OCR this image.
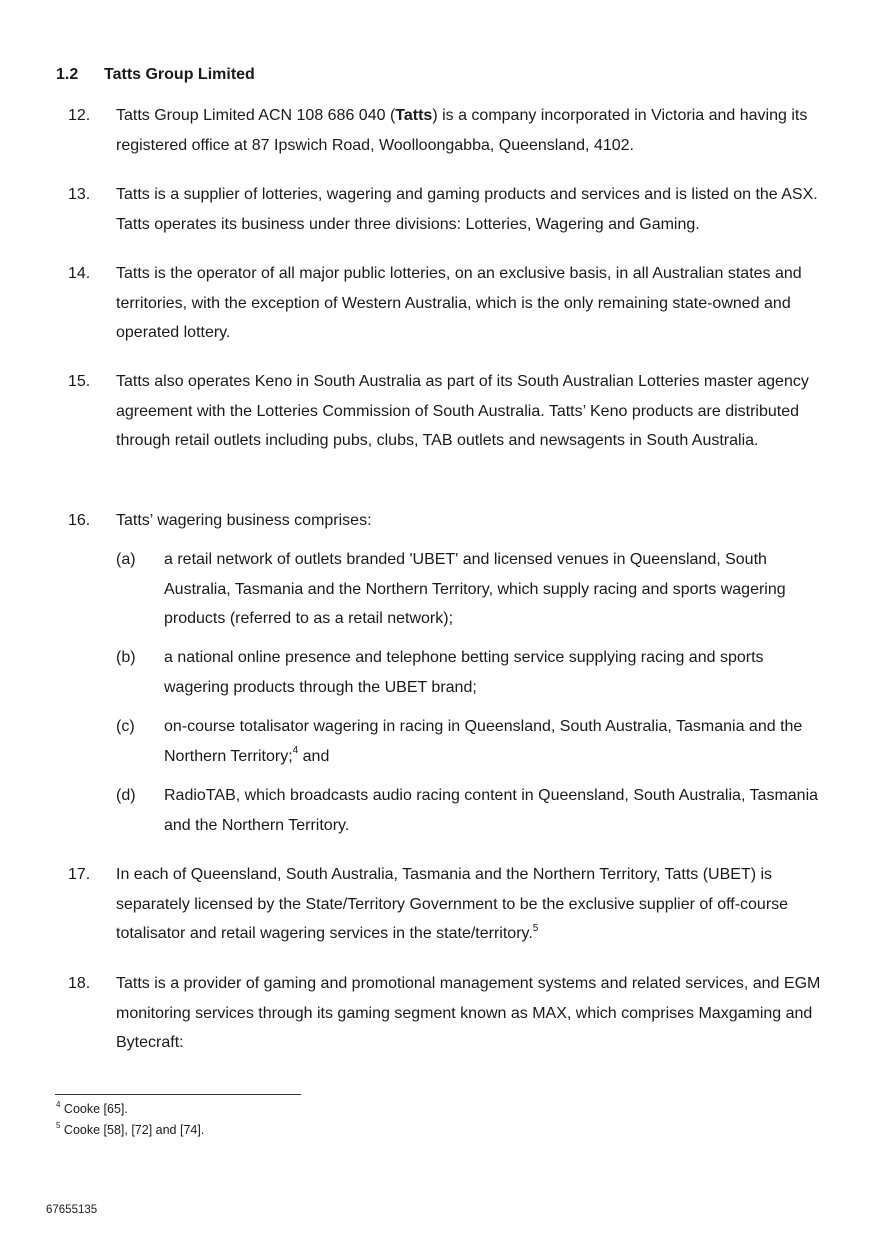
1.2 Tatts Group Limited
12. Tatts Group Limited ACN 108 686 040 (Tatts) is a company incorporated in Victoria and having its registered office at 87 Ipswich Road, Woolloongabba, Queensland, 4102.
13. Tatts is a supplier of lotteries, wagering and gaming products and services and is listed on the ASX. Tatts operates its business under three divisions: Lotteries, Wagering and Gaming.
14. Tatts is the operator of all major public lotteries, on an exclusive basis, in all Australian states and territories, with the exception of Western Australia, which is the only remaining state-owned and operated lottery.
15. Tatts also operates Keno in South Australia as part of its South Australian Lotteries master agency agreement with the Lotteries Commission of South Australia. Tatts’ Keno products are distributed through retail outlets including pubs, clubs, TAB outlets and newsagents in South Australia.
16. Tatts’ wagering business comprises:
(a) a retail network of outlets branded 'UBET' and licensed venues in Queensland, South Australia, Tasmania and the Northern Territory, which supply racing and sports wagering products (referred to as a retail network);
(b) a national online presence and telephone betting service supplying racing and sports wagering products through the UBET brand;
(c) on-course totalisator wagering in racing in Queensland, South Australia, Tasmania and the Northern Territory;$^4$ and
(d) RadioTAB, which broadcasts audio racing content in Queensland, South Australia, Tasmania and the Northern Territory.
17. In each of Queensland, South Australia, Tasmania and the Northern Territory, Tatts (UBET) is separately licensed by the State/Territory Government to be the exclusive supplier of off-course totalisator and retail wagering services in the state/territory.$^5$
18. Tatts is a provider of gaming and promotional management systems and related services, and EGM monitoring services through its gaming segment known as MAX, which comprises Maxgaming and Bytecraft:
$^4$ Cooke [65].
$^5$ Cooke [58], [72] and [74].
67655135
